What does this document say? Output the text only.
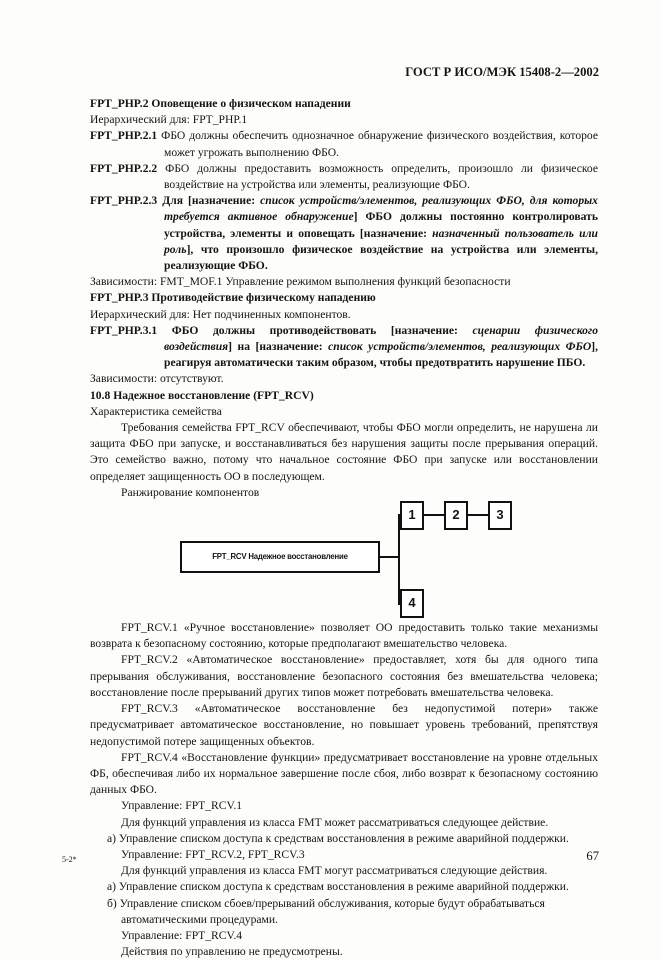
ГОСТ Р ИСО/МЭК 15408-2—2002

FPT_PHP.2 Оповещение о физическом нападении

Иерархический для: FPT_PHP.1

FPT_PHP.2.1 ФБО должны обеспечить однозначное обнаружение физического воздействия, которое может угрожать выполнению ФБО.

FPT_PHP.2.2 ФБО должны предоставить возможность определить, произошло ли физическое воздействие на устройства или элементы, реализующие ФБО.

FPT_PHP.2.3 Для [назначение: список устройств/элементов, реализующих ФБО, для которых требуется активное обнаружение] ФБО должны постоянно контролировать устройства, элементы и оповещать [назначение: назначенный пользователь или роль], что произошло физическое воздействие на устройства или элементы, реализующие ФБО.

Зависимости: FMT_MOF.1 Управление режимом выполнения функций безопасности

FPT_PHP.3 Противодействие физическому нападению

Иерархический для: Нет подчиненных компонентов.

FPT_PHP.3.1 ФБО должны противодействовать [назначение: сценарии физического воздействия] на [назначение: список устройств/элементов, реализующих ФБО], реагируя автоматически таким образом, чтобы предотвратить нарушение ПБО.

Зависимости: отсутствуют.

10.8 Надежное восстановление (FPT_RCV)

Характеристика семейства

Требования семейства FPT_RCV обеспечивают, чтобы ФБО могли определить, не нарушена ли защита ФБО при запуске, и восстанавливаться без нарушения защиты после прерывания операций. Это семейство важно, потому что начальное состояние ФБО при запуске или восстановлении определяет защищенность ОО в последующем.

Ранжирование компонентов

FPT_RCV Надежное восстановление
1	2	3
4

FPT_RCV.1 «Ручное восстановление» позволяет ОО предоставить только такие механизмы возврата к безопасному состоянию, которые предполагают вмешательство человека.

FPT_RCV.2 «Автоматическое восстановление» предоставляет, хотя бы для одного типа прерывания обслуживания, восстановление безопасного состояния без вмешательства человека; восстановление после прерываний других типов может потребовать вмешательства человека.

FPT_RCV.3 «Автоматическое восстановление без недопустимой потери» также предусматривает автоматическое восстановление, но повышает уровень требований, препятствуя недопустимой потере защищенных объектов.

FPT_RCV.4 «Восстановление функции» предусматривает восстановление на уровне отдельных ФБ, обеспечивая либо их нормальное завершение после сбоя, либо возврат к безопасному состоянию данных ФБО.

Управление: FPT_RCV.1

Для функций управления из класса FMT может рассматриваться следующее действие.

а) Управление списком доступа к средствам восстановления в режиме аварийной поддержки.

Управление: FPT_RCV.2, FPT_RCV.3

Для функций управления из класса FMT могут рассматриваться следующие действия.

а) Управление списком доступа к средствам восстановления в режиме аварийной поддержки.

б) Управление списком сбоев/прерываний обслуживания, которые будут обрабатываться автоматическими процедурами.

Управление: FPT_RCV.4

Действия по управлению не предусмотрены.

5-2*	67
